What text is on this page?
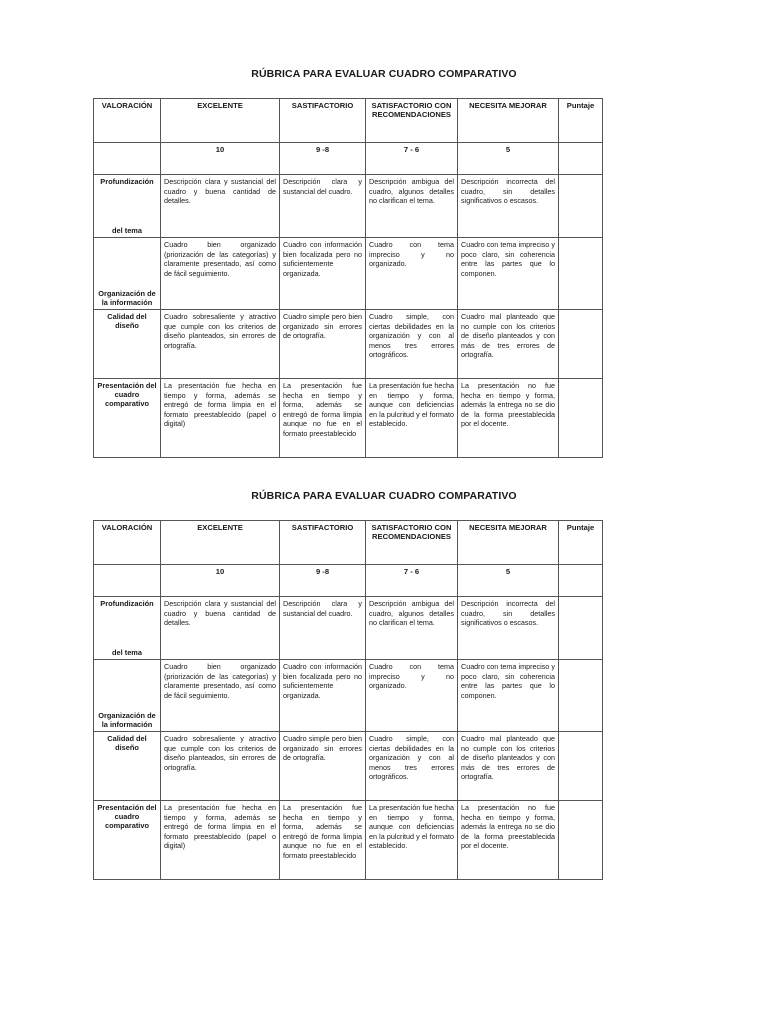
RÚBRICA PARA EVALUAR CUADRO COMPARATIVO
VALORACIÓN	EXCELENTE	SASTIFACTORIO	SATISFACTORIO CON RECOMENDACIONES	NECESITA MEJORAR	Puntaje
	10	9 -8	7 - 6	5	

Profundización
del tema	Descripción clara y sustancial del cuadro y buena cantidad de detalles.	Descripción clara y sustancial del cuadro.	Descripción ambigua del cuadro, algunos detalles no clarifican el tema.	Descripción incorrecta del cuadro, sin detalles significativos o escasos.	

Organización de la información	Cuadro bien organizado (priorización de las categorías) y claramente presentado, así como de fácil seguimiento.	Cuadro con información bien focalizada pero no suficientemente organizada.	Cuadro con tema impreciso y no organizado.	Cuadro con tema impreciso y poco claro, sin coherencia entre las partes que lo componen.	

Calidad del diseño	Cuadro sobresaliente y atractivo que cumple con los criterios de diseño planteados, sin errores de ortografía.	Cuadro simple pero bien organizado sin errores de ortografía.	Cuadro simple, con ciertas debilidades en la organización y con al menos tres errores ortográficos.	Cuadro mal planteado que no cumple con los criterios de diseño planteados y con más de tres errores de ortografía.	

Presentación del cuadro comparativo	La presentación fue hecha en tiempo y forma, además se entregó de forma limpia en el formato preestablecido (papel o digital)	La presentación fue hecha en tiempo y forma, además se entregó de forma limpia aunque no fue en el formato preestablecido	La presentación fue hecha en tiempo y forma, aunque con deficiencias en la pulcritud y el formato establecido.	La presentación no fue hecha en tiempo y forma, además la entrega no se dio de la forma preestablecida por el docente.	
RÚBRICA PARA EVALUAR CUADRO COMPARATIVO
VALORACIÓN	EXCELENTE	SASTIFACTORIO	SATISFACTORIO CON RECOMENDACIONES	NECESITA MEJORAR	Puntaje
	10	9 -8	7 - 6	5	

Profundización
del tema	Descripción clara y sustancial del cuadro y buena cantidad de detalles.	Descripción clara y sustancial del cuadro.	Descripción ambigua del cuadro, algunos detalles no clarifican el tema.	Descripción incorrecta del cuadro, sin detalles significativos o escasos.	

Organización de la información	Cuadro bien organizado (priorización de las categorías) y claramente presentado, así como de fácil seguimiento.	Cuadro con información bien focalizada pero no suficientemente organizada.	Cuadro con tema impreciso y no organizado.	Cuadro con tema impreciso y poco claro, sin coherencia entre las partes que lo componen.	

Calidad del diseño	Cuadro sobresaliente y atractivo que cumple con los criterios de diseño planteados, sin errores de ortografía.	Cuadro simple pero bien organizado sin errores de ortografía.	Cuadro simple, con ciertas debilidades en la organización y con al menos tres errores ortográficos.	Cuadro mal planteado que no cumple con los criterios de diseño planteados y con más de tres errores de ortografía.	

Presentación del cuadro comparativo	La presentación fue hecha en tiempo y forma, además se entregó de forma limpia en el formato preestablecido (papel o digital)	La presentación fue hecha en tiempo y forma, además se entregó de forma limpia aunque no fue en el formato preestablecido	La presentación fue hecha en tiempo y forma, aunque con deficiencias en la pulcritud y el formato establecido.	La presentación no fue hecha en tiempo y forma, además la entrega no se dio de la forma preestablecida por el docente.	
